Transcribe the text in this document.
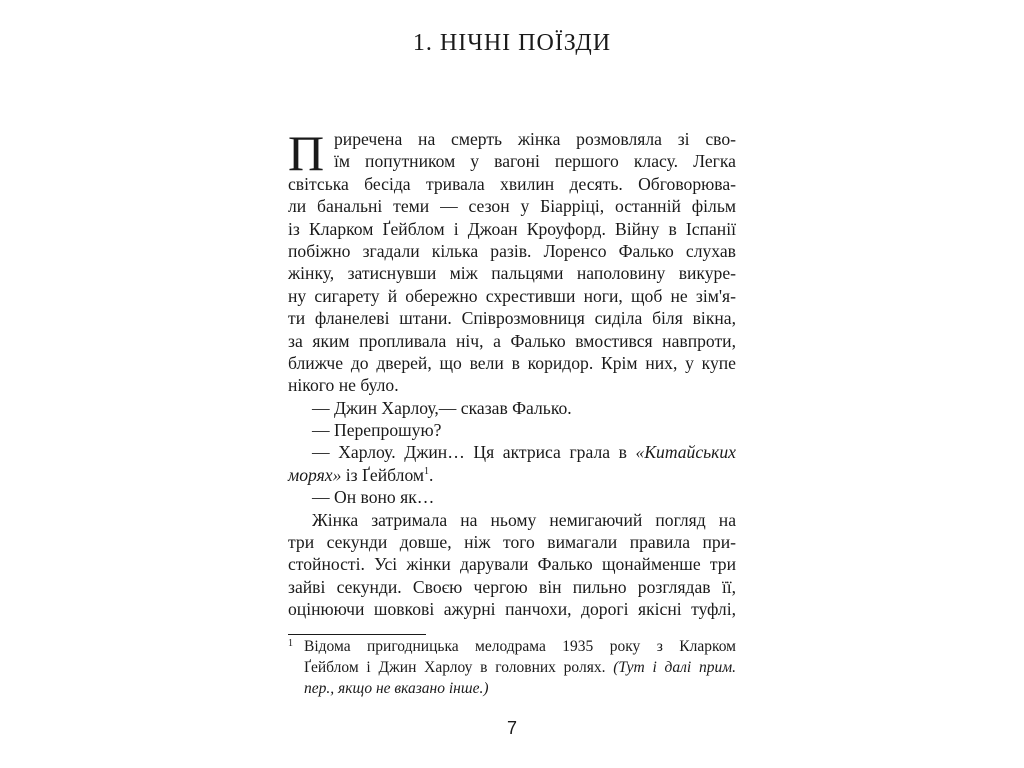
1. НІЧНІ ПОЇЗДИ
П риречена на смерть жінка розмовляла зі сво-
їм попутником у вагоні першого класу. Легка
світська бесіда тривала хвилин десять. Обговорюва-
ли банальні теми — сезон у Біарріці, останній фільм
із Кларком Ґейблом і Джоан Кроуфорд. Війну в Іспанії
побіжно згадали кілька разів. Лоренсо Фалько слухав
жінку, затиснувши між пальцями наполовину викуре-
ну сигарету й обережно схрестивши ноги, щоб не зім'я-
ти фланелеві штани. Співрозмовниця сиділа біля вікна,
за яким пропливала ніч, а Фалько вмостився навпроти,
ближче до дверей, що вели в коридор. Крім них, у купе
нікого не було.
— Джин Харлоу,— сказав Фалько.
— Перепрошую?
— Харлоу. Джин… Ця актриса грала в «Китайських
морях» із Ґейблом$^1$.
— Он воно як…
Жінка затримала на ньому немигаючий погляд на
три секунди довше, ніж того вимагали правила при-
стойності. Усі жінки дарували Фалько щонайменше три
зайві секунди. Своєю чергою він пильно розглядав її,
оцінюючи шовкові ажурні панчохи, дорогі якісні туфлі,
1 Відома пригодницька мелодрама 1935 року з Кларком
Ґейблом і Джин Харлоу в головних ролях. (Тут і далі прим.
пер., якщо не вказано інше.)
7
